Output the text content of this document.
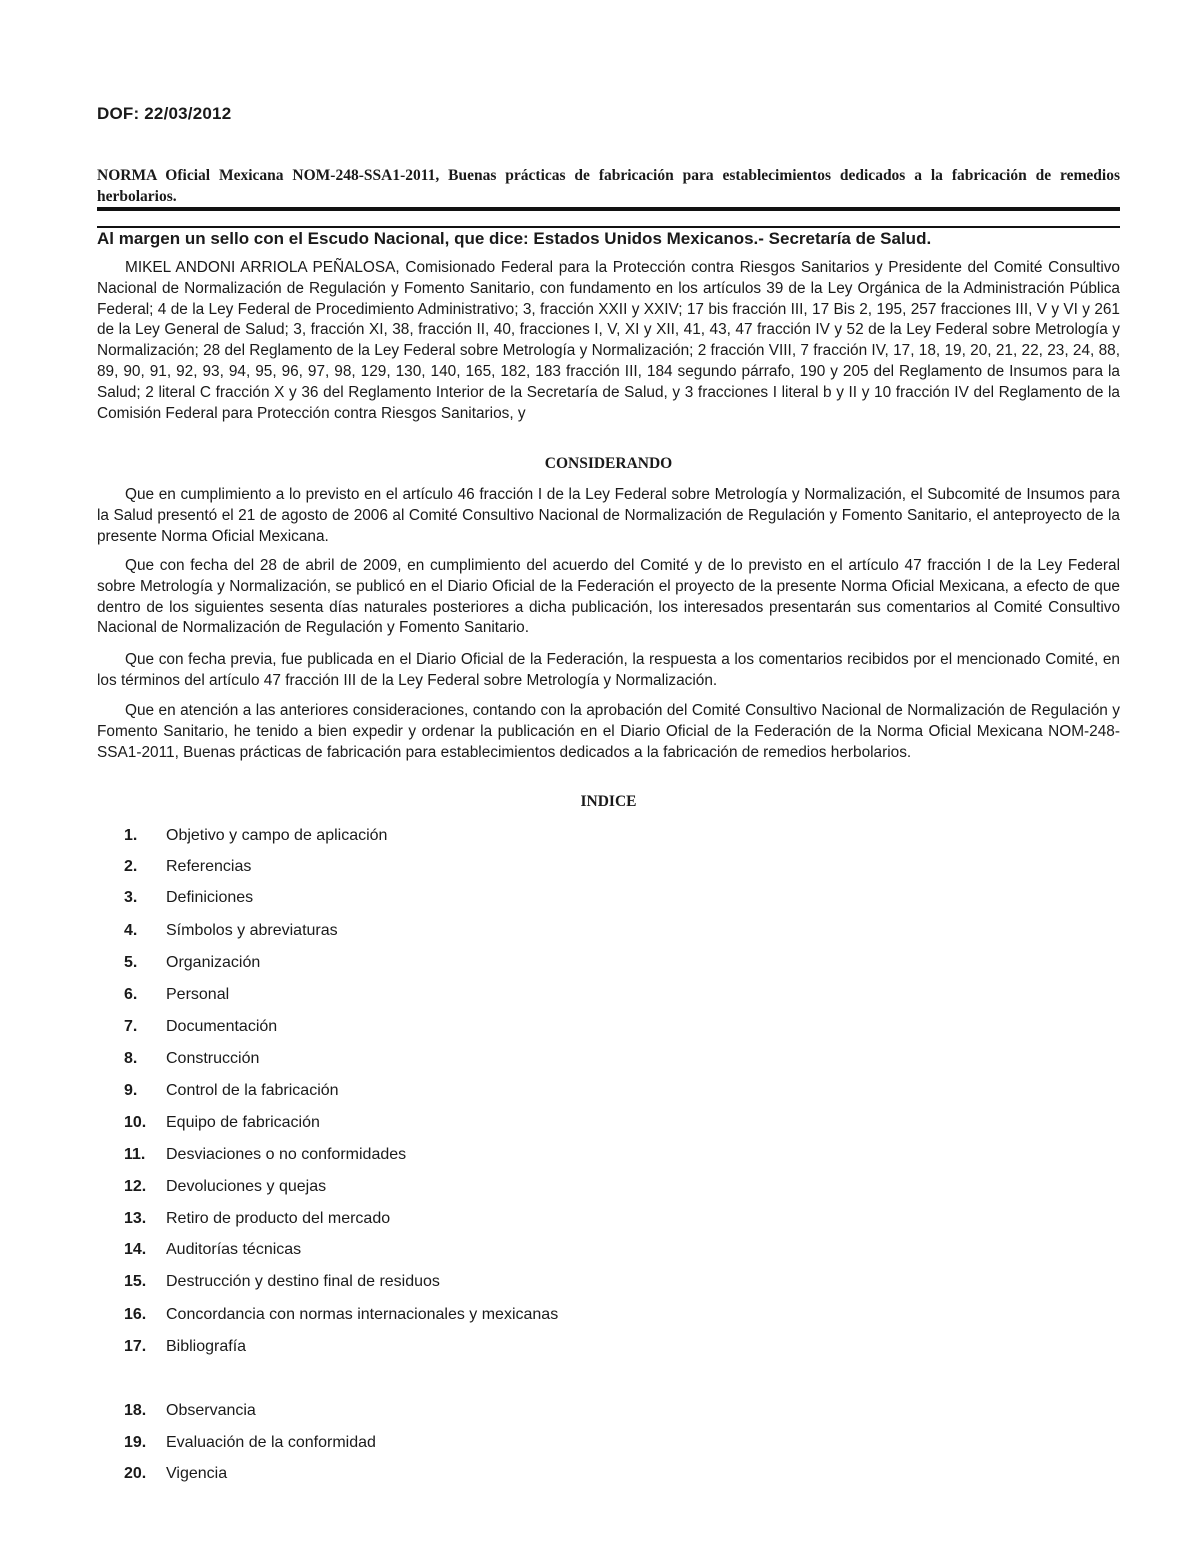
DOF: 22/03/2012
NORMA Oficial Mexicana NOM-248-SSA1-2011, Buenas prácticas de fabricación para establecimientos dedicados a la fabricación de remedios herbolarios.
Al margen un sello con el Escudo Nacional, que dice: Estados Unidos Mexicanos.- Secretaría de Salud.

MIKEL ANDONI ARRIOLA PEÑALOSA, Comisionado Federal para la Protección contra Riesgos Sanitarios y Presidente del Comité Consultivo Nacional de Normalización de Regulación y Fomento Sanitario, con fundamento en los artículos 39 de la Ley Orgánica de la Administración Pública Federal; 4 de la Ley Federal de Procedimiento Administrativo; 3, fracción XXII y XXIV; 17 bis fracción III, 17 Bis 2, 195, 257 fracciones III, V y VI y 261 de la Ley General de Salud; 3, fracción XI, 38, fracción II, 40, fracciones I, V, XI y XII, 41, 43, 47 fracción IV y 52 de la Ley Federal sobre Metrología y Normalización; 28 del Reglamento de la Ley Federal sobre Metrología y Normalización; 2 fracción VIII, 7 fracción IV, 17, 18, 19, 20, 21, 22, 23, 24, 88, 89, 90, 91, 92, 93, 94, 95, 96, 97, 98, 129, 130, 140, 165, 182, 183 fracción III, 184 segundo párrafo, 190 y 205 del Reglamento de Insumos para la Salud; 2 literal C fracción X y 36 del Reglamento Interior de la Secretaría de Salud, y 3 fracciones I literal b y II y 10 fracción IV del Reglamento de la Comisión Federal para Protección contra Riesgos Sanitarios, y

CONSIDERANDO

Que en cumplimiento a lo previsto en el artículo 46 fracción I de la Ley Federal sobre Metrología y Normalización, el Subcomité de Insumos para la Salud presentó el 21 de agosto de 2006 al Comité Consultivo Nacional de Normalización de Regulación y Fomento Sanitario, el anteproyecto de la presente Norma Oficial Mexicana.

Que con fecha del 28 de abril de 2009, en cumplimiento del acuerdo del Comité y de lo previsto en el artículo 47 fracción I de la Ley Federal sobre Metrología y Normalización, se publicó en el Diario Oficial de la Federación el proyecto de la presente Norma Oficial Mexicana, a efecto de que dentro de los siguientes sesenta días naturales posteriores a dicha publicación, los interesados presentarán sus comentarios al Comité Consultivo Nacional de Normalización de Regulación y Fomento Sanitario.

Que con fecha previa, fue publicada en el Diario Oficial de la Federación, la respuesta a los comentarios recibidos por el mencionado Comité, en los términos del artículo 47 fracción III de la Ley Federal sobre Metrología y Normalización.

Que en atención a las anteriores consideraciones, contando con la aprobación del Comité Consultivo Nacional de Normalización de Regulación y Fomento Sanitario, he tenido a bien expedir y ordenar la publicación en el Diario Oficial de la Federación de la Norma Oficial Mexicana NOM-248-SSA1-2011, Buenas prácticas de fabricación para establecimientos dedicados a la fabricación de remedios herbolarios.

INDICE
1. Objetivo y campo de aplicación
2. Referencias
3. Definiciones
4. Símbolos y abreviaturas
5. Organización
6. Personal
7. Documentación
8. Construcción
9. Control de la fabricación
10. Equipo de fabricación
11. Desviaciones o no conformidades
12. Devoluciones y quejas
13. Retiro de producto del mercado
14. Auditorías técnicas
15. Destrucción y destino final de residuos
16. Concordancia con normas internacionales y mexicanas
17. Bibliografía
18. Observancia
19. Evaluación de la conformidad
20. Vigencia
